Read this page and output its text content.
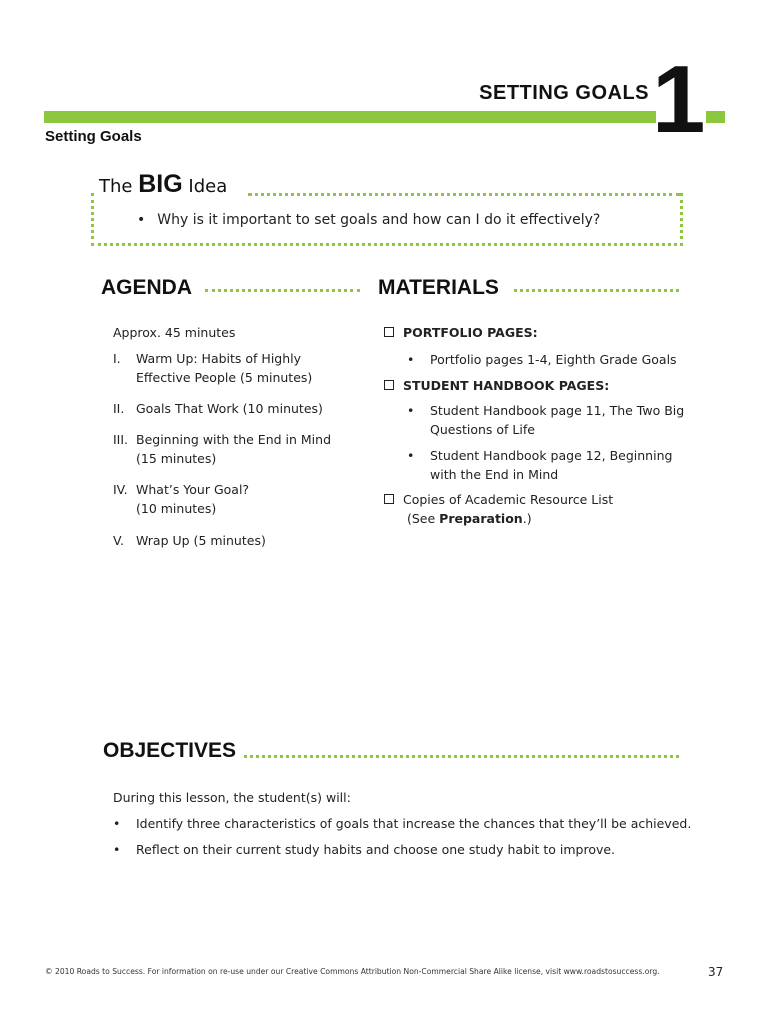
SETTING GOALS 1
Setting Goals
The BIG Idea
• Why is it important to set goals and how can I do it effectively?
AGENDA
Approx. 45 minutes
I. Warm Up: Habits of Highly
Effective People (5 minutes)
II. Goals That Work (10 minutes)
III. Beginning with the End in Mind
(15 minutes)
IV. What’s Your Goal?
(10 minutes)
V. Wrap Up (5 minutes)
MATERIALS
PORTFOLIO PAGES:
• Portfolio pages 1-4, Eighth Grade Goals
STUDENT HANDBOOK PAGES:
• Student Handbook page 11, The Two Big
Questions of Life
• Student Handbook page 12, Beginning
with the End in Mind
Copies of Academic Resource List
(See Preparation.)
OBJECTIVES
During this lesson, the student(s) will:
• Identify three characteristics of goals that increase the chances that they’ll be achieved.
• Reflect on their current study habits and choose one study habit to improve.
© 2010 Roads to Success. For information on re-use under our Creative Commons Attribution Non-Commercial Share Alike license, visit www.roadstosuccess.org.	37
